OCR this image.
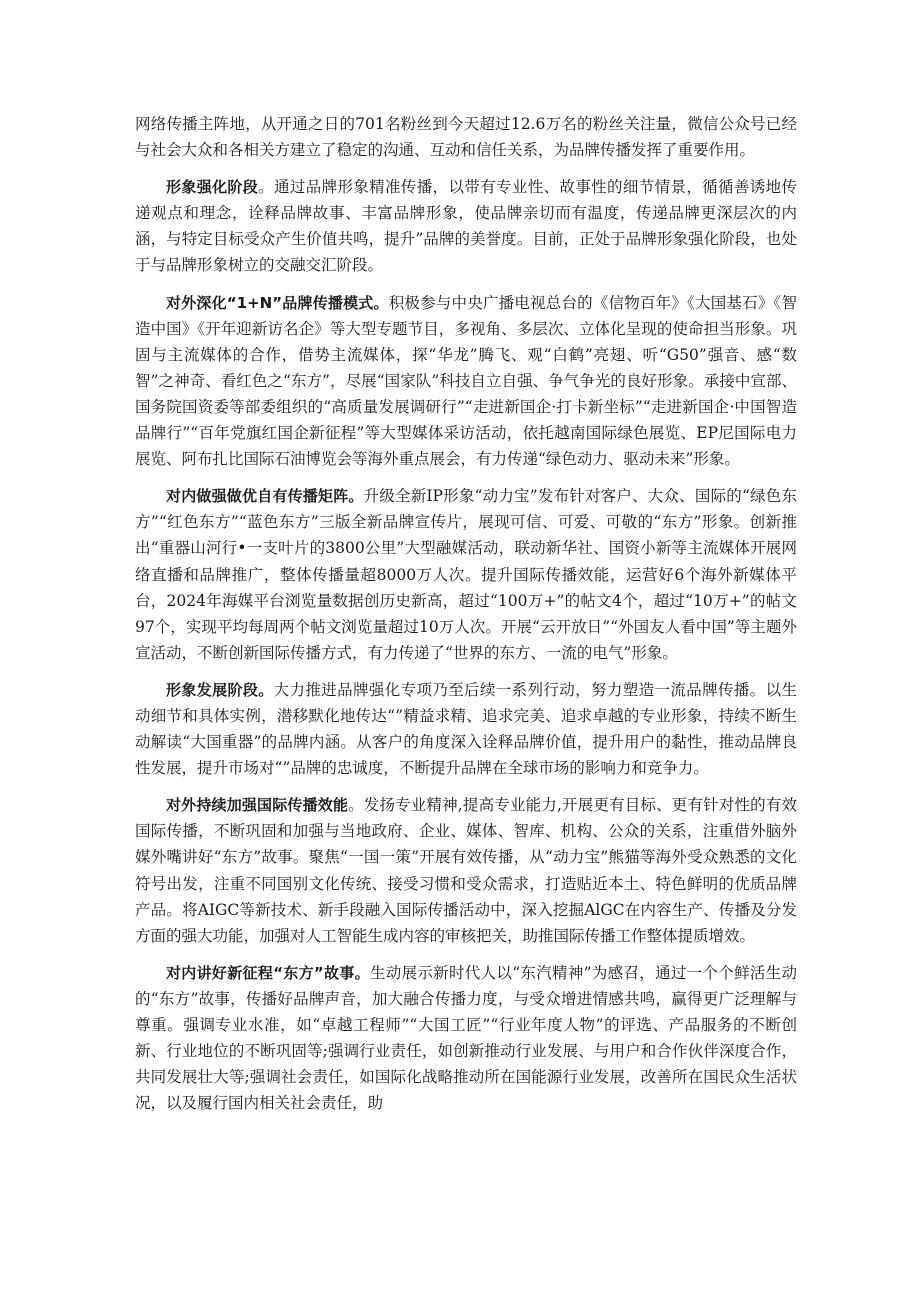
网络传播主阵地，从开通之日的701名粉丝到今天超过12.6万名的粉丝关注量，微信公众号已经与社会大众和各相关方建立了稳定的沟通、互动和信任关系，为品牌传播发挥了重要作用。

形象强化阶段。通过品牌形象精准传播，以带有专业性、故事性的细节情景，循循善诱地传递观点和理念，诠释品牌故事、丰富品牌形象，使品牌亲切而有温度，传递品牌更深层次的内涵，与特定目标受众产生价值共鸣，提升”品牌的美誉度。目前，正处于品牌形象强化阶段，也处于与品牌形象树立的交融交汇阶段。

对外深化“1+N”品牌传播模式。积极参与中央广播电视总台的《信物百年》《大国基石》《智造中国》《开年迎新访名企》等大型专题节目，多视角、多层次、立体化呈现的使命担当形象。巩固与主流媒体的合作，借势主流媒体，探“华龙”腾飞、观“白鹤”亮翅、听“G50”强音、感“数智”之神奇、看红色之“东方”，尽展“国家队”科技自立自强、争气争光的良好形象。承接中宣部、国务院国资委等部委组织的“高质量发展调研行”“走进新国企·打卡新坐标”“走进新国企·中国智造品牌行”“百年党旗红国企新征程”等大型媒体采访活动，依托越南国际绿色展览、EP尼国际电力展览、阿布扎比国际石油博览会等海外重点展会，有力传递“绿色动力、驱动未来”形象。

对内做强做优自有传播矩阵。升级全新IP形象“动力宝”发布针对客户、大众、国际的“绿色东方”“红色东方”“蓝色东方”三版全新品牌宣传片，展现可信、可爱、可敬的“东方”形象。创新推出“重器山河行•一支叶片的3800公里”大型融媒活动，联动新华社、国资小新等主流媒体开展网络直播和品牌推广，整体传播量超8000万人次。提升国际传播效能，运营好6个海外新媒体平台，2024年海媒平台浏览量数据创历史新高，超过“100万+”的帖文4个，超过“10万+”的帖文97个，实现平均每周两个帖文浏览量超过10万人次。开展“云开放日”“外国友人看中国”等主题外宣活动，不断创新国际传播方式，有力传递了“世界的东方、一流的电气”形象。

形象发展阶段。大力推进品牌强化专项乃至后续一系列行动，努力塑造一流品牌传播。以生动细节和具体实例，潜移默化地传达“”精益求精、追求完美、追求卓越的专业形象，持续不断生动解读“大国重器”的品牌内涵。从客户的角度深入诠释品牌价值，提升用户的黏性，推动品牌良性发展，提升市场对“”品牌的忠诚度，不断提升品牌在全球市场的影响力和竞争力。

对外持续加强国际传播效能。发扬专业精神,提高专业能力,开展更有目标、更有针对性的有效国际传播，不断巩固和加强与当地政府、企业、媒体、智库、机构、公众的关系，注重借外脑外媒外嘴讲好“东方”故事。聚焦“一国一策”开展有效传播，从“动力宝”熊猫等海外受众熟悉的文化符号出发，注重不同国别文化传统、接受习惯和受众需求，打造贴近本土、特色鲜明的优质品牌产品。将AIGC等新技术、新手段融入国际传播活动中，深入挖掘AlGC在内容生产、传播及分发方面的强大功能，加强对人工智能生成内容的审核把关，助推国际传播工作整体提质增效。

对内讲好新征程“东方”故事。生动展示新时代人以“东汽精神”为感召，通过一个个鲜活生动的“东方”故事，传播好品牌声音，加大融合传播力度，与受众增进情感共鸣，赢得更广泛理解与尊重。强调专业水准，如“卓越工程师”“大国工匠”“行业年度人物”的评选、产品服务的不断创新、行业地位的不断巩固等;强调行业责任，如创新推动行业发展、与用户和合作伙伴深度合作，共同发展壮大等;强调社会责任，如国际化战略推动所在国能源行业发展，改善所在国民众生活状况，以及履行国内相关社会责任，助
